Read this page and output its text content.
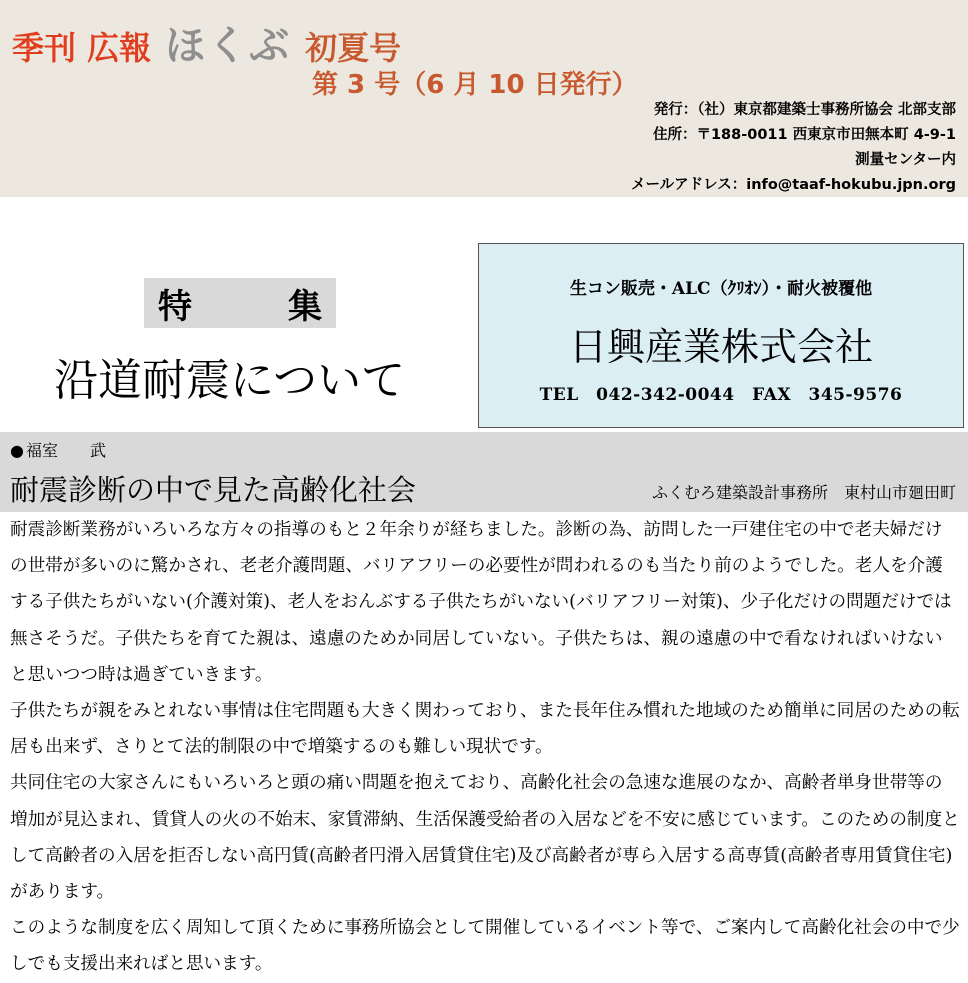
季刊 広報 ほくぶ 初夏号
第 3 号（6 月 10 日発行）
発行：（社）東京都建築士事務所協会 北部支部
住所：〒188-0011 西東京市田無本町 4-9-1
測量センター内
メールアドレス：info@taaf-hokubu.jpn.org
特	集
沿道耐震について
生コン販売・ALC（ｸﾘｵﾝ）・耐火被覆他
日興産業株式会社
TEL　042-342-0044　FAX　345-9576
● 福室　　武
耐震診断の中で見た高齢化社会	ふくむろ建築設計事務所　東村山市廻田町

耐震診断業務がいろいろな方々の指導のもと２年余りが経ちました。診断の為、訪問した一戸建住宅の中で老夫婦だけの世帯が多いのに驚かされ、老老介護問題、バリアフリーの必要性が問われるのも当たり前のようでした。老人を介護する子供たちがいない(介護対策)、老人をおんぶする子供たちがいない(バリアフリー対策)、少子化だけの問題だけでは無さそうだ。子供たちを育てた親は、遠慮のためか同居していない。子供たちは、親の遠慮の中で看なければいけないと思いつつ時は過ぎていきます。

子供たちが親をみとれない事情は住宅問題も大きく関わっており、また長年住み慣れた地域のため簡単に同居のための転居も出来ず、さりとて法的制限の中で増築するのも難しい現状です。

共同住宅の大家さんにもいろいろと頭の痛い問題を抱えており、高齢化社会の急速な進展のなか、高齢者単身世帯等の増加が見込まれ、賃貸人の火の不始末、家賃滞納、生活保護受給者の入居などを不安に感じています。このための制度として高齢者の入居を拒否しない高円賃(高齢者円滑入居賃貸住宅)及び高齢者が専ら入居する高専賃(高齢者専用賃貸住宅)があります。

このような制度を広く周知して頂くために事務所協会として開催しているイベント等で、ご案内して高齢化社会の中で少しでも支援出来ればと思います。
